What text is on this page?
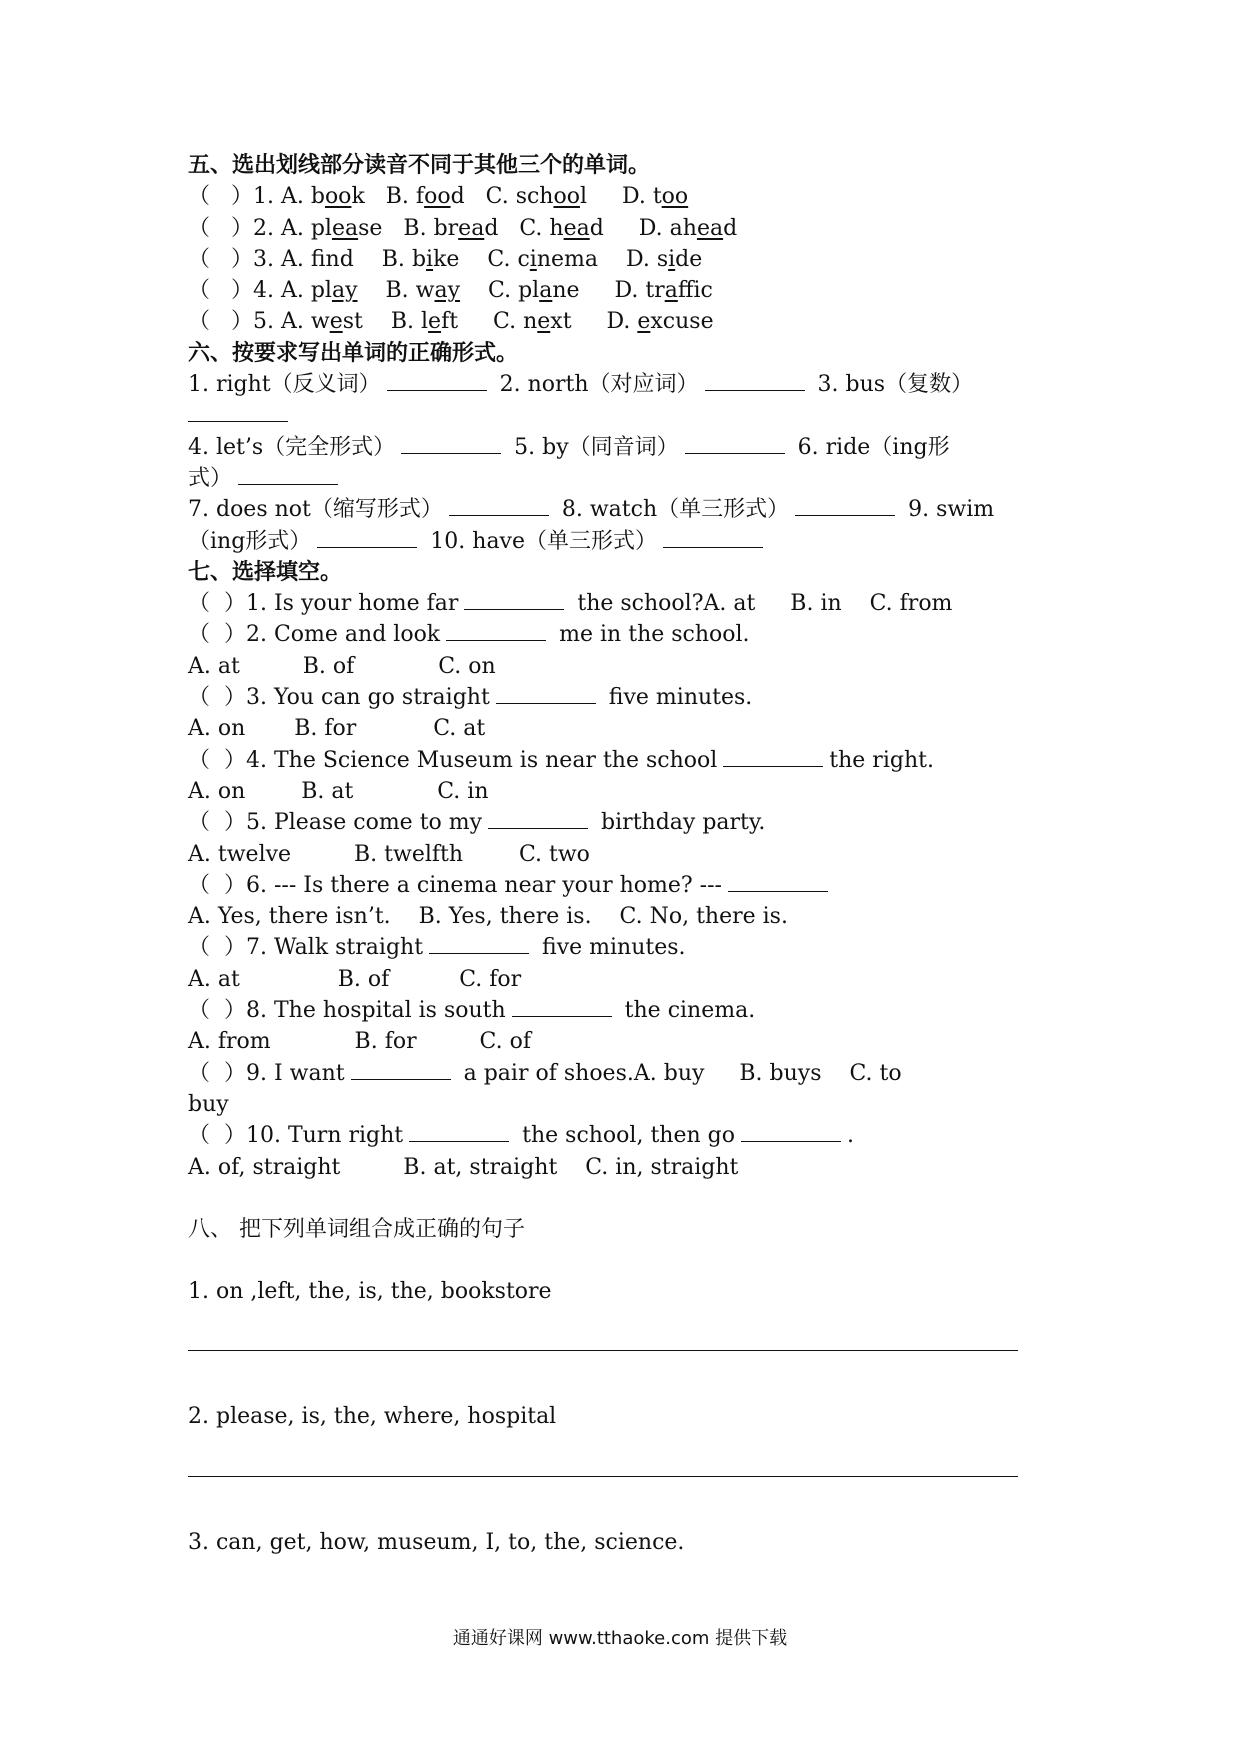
五、选出划线部分读音不同于其他三个的单词。
（   ）1. A. book   B. food   C. school     D. too
（   ）2. A. please   B. bread   C. head     D. ahead
（   ）3. A. fnd    B. bike    C. cinema    D. side
（   ）4. A. play    B. way    C. plane     D. traffic
（   ）5. A. west    B. left     C. next     D. excuse
六、按要求写出单词的正确形式。
1. right（反义词）	2. north（对应词）	3. bus（复数）
4. let’s（完全形式）	5. by（同音词）	6. ride（ing形
式）
7. does not（缩写形式）	8. watch（单三形式）	9. swim
（ing形式）	10. have（单三形式）
七、选择填空。
（  ）1. Is your home far	the school?A. at     B. in    C. from
（  ）2. Come and look	me in the school.
A. at         B. of            C. on
（  ）3. You can go straight	five minutes.
A. on       B. for           C. at
（  ）4. The Science Museum is near the school	the right.
A. on        B. at            C. in
（  ）5. Please come to my	birthday party.
A. twelve         B. twelfth        C. two
（  ）6. --- Is there a cinema near your home? ---
A. Yes, there isn’t.    B. Yes, there is.    C. No, there is.
（  ）7. Walk straight	five minutes.
A. at              B. of          C. for
（  ）8. The hospital is south	the cinema.
A. from            B. for         C. of
（  ）9. I want	a pair of shoes.A. buy     B. buys    C. to
buy
（  ）10. Turn right	the school, then go	.
A. of, straight         B. at, straight    C. in, straight
八、 把下列单词组合成正确的句子
1. on ,left, the, is, the, bookstore
2. please, is, the, where, hospital
3. can, get, how, museum, I, to, the, science.
通通好课网 www.tthaoke.com 提供下载
